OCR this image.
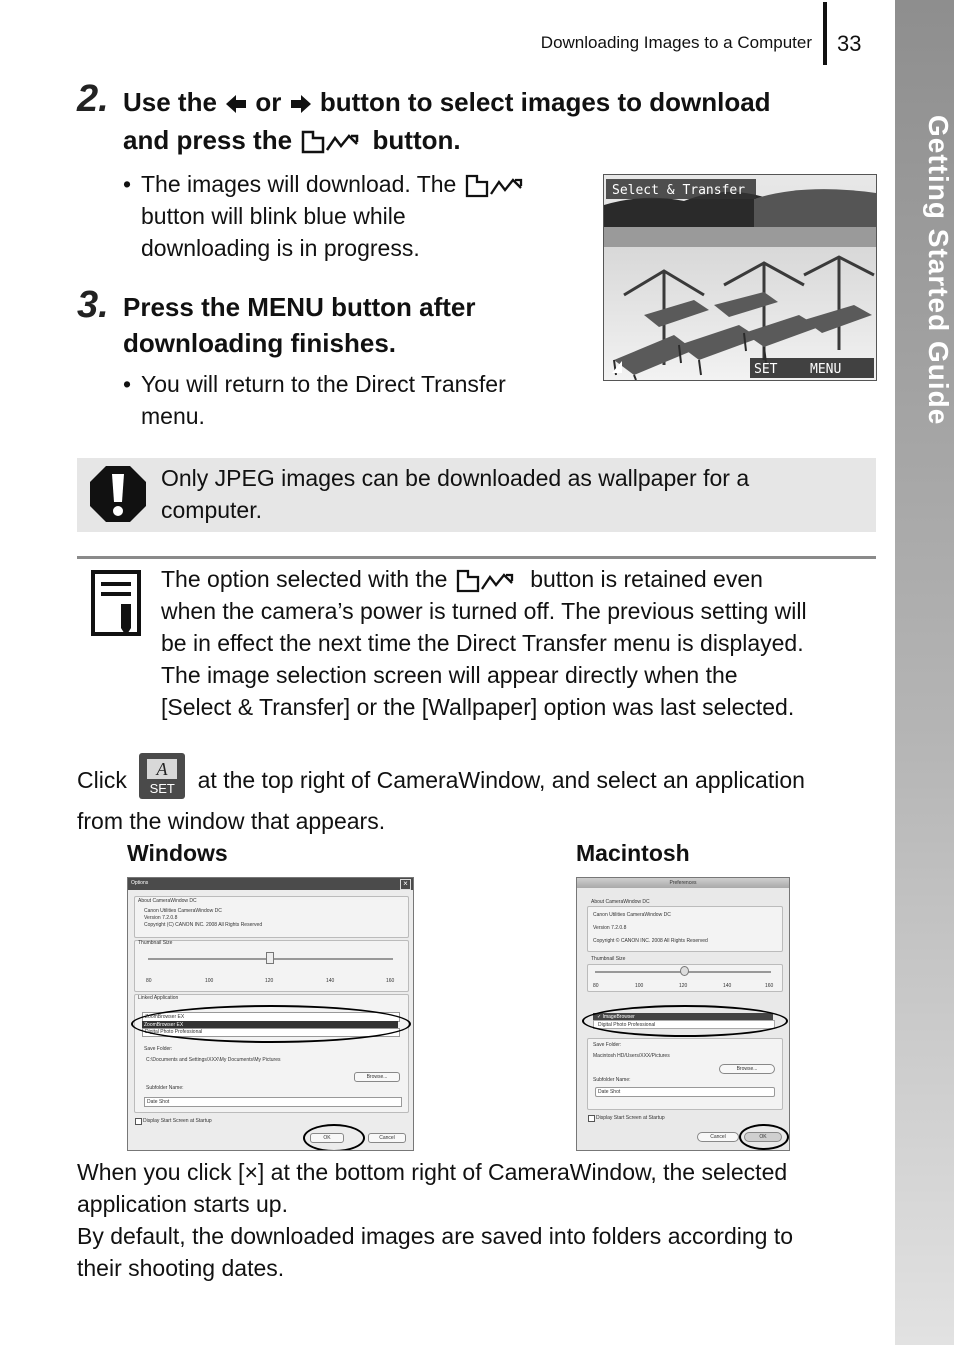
Downloading Images to a Computer 33
Getting Started Guide
2. Use the or button to select images to download
and press the	button.
• The images will download. The
button will blink blue while
downloading is in progress.
Select & Transfer
SET	MENU
3. Press the MENU button after
downloading finishes.
• You will return to the Direct Transfer
menu.
Only JPEG images can be downloaded as wallpaper for a
computer.
The option selected with the	button is retained even
when the camera’s power is turned off. The previous setting will
be in effect the next time the Direct Transfer menu is displayed.
The image selection screen will appear directly when the
[Select & Transfer] or the [Wallpaper] option was last selected.
Click A
SET at the top right of CameraWindow, and select an application
from the window that appears.
Windows	Macintosh
Options	×
About CameraWindow DC
Canon Utilities CameraWindow DC
Version 7.2.0.8
Copyright (C) CANON INC. 2008 All Rights Reserved
Thumbnail Size
80	100	120	140	160
Linked Application
ZoomBrowser EX
ZoomBrowser EX
Digital Photo Professional
Save Folder:
C:\Documents and Settings\XXX\My Documents\My Pictures
Browse...
Subfolder Name:
Date Shot
Display Start Screen at Startup
OK	Cancel
Preferences
About CameraWindow DC
Canon Utilities CameraWindow DC
Version 7.2.0.8
Copyright © CANON INC. 2008 All Rights Reserved
Thumbnail Size
80	100	120	140	160
✓ ImageBrowser
Digital Photo Professional
Save Folder:
Macintosh HD/Users/XXX/Pictures
Browse...
Subfolder Name:
Date Shot
Display Start Screen at Startup
Cancel	OK
When you click [×] at the bottom right of CameraWindow, the selected
application starts up.
By default, the downloaded images are saved into folders according to
their shooting dates.
